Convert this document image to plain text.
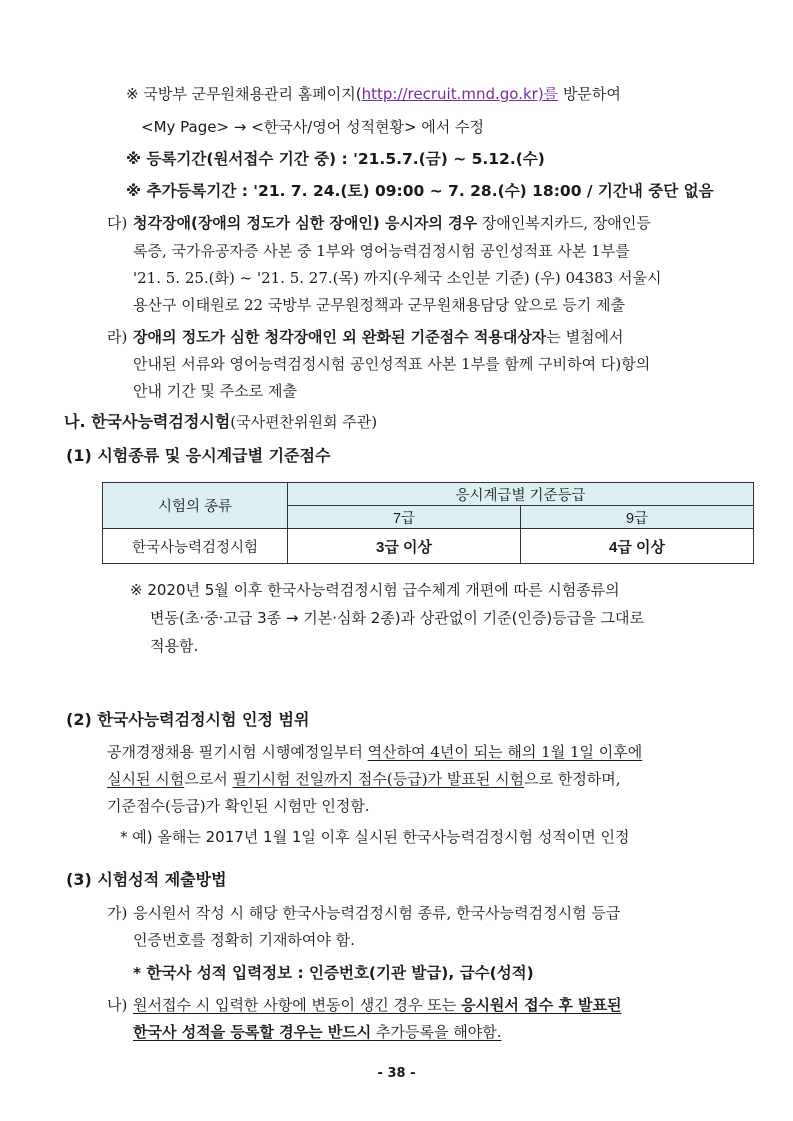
※ 국방부 군무원채용관리 홈페이지(http://recruit.mnd.go.kr)를 방문하여
<My Page> → <한국사/영어 성적현황> 에서 수정
※ 등록기간(원서접수 기간 중) : '21.5.7.(금) ~ 5.12.(수)
※ 추가등록기간 : '21. 7. 24.(토) 09:00 ~ 7. 28.(수) 18:00 / 기간내 중단 없음
다) 청각장애(장애의 정도가 심한 장애인) 응시자의 경우 장애인복지카드, 장애인등
록증, 국가유공자증 사본 중 1부와 영어능력검정시험 공인성적표 사본 1부를
'21. 5. 25.(화) ~ '21. 5. 27.(목) 까지(우체국 소인분 기준) (우) 04383 서울시
용산구 이태원로 22 국방부 군무원정책과 군무원채용담당 앞으로 등기 제출
라) 장애의 정도가 심한 청각장애인 외 완화된 기준점수 적용대상자는 별첨에서
안내된 서류와 영어능력검정시험 공인성적표 사본 1부를 함께 구비하여 다)항의
안내 기간 및 주소로 제출
나. 한국사능력검정시험(국사편찬위원회 주관)
(1) 시험종류 및 응시계급별 기준점수
시험의 종류	응시계급별 기준등급	
	7급	9급
한국사능력검정시험	3급 이상	4급 이상
※ 2020년 5월 이후 한국사능력검정시험 급수체계 개편에 따른 시험종류의
변동(초·중·고급 3종 → 기본·심화 2종)과 상관없이 기준(인증)등급을 그대로
적용함.
(2) 한국사능력검정시험 인정 범위
공개경쟁채용 필기시험 시행예정일부터 역산하여 4년이 되는 해의 1월 1일 이후에
실시된 시험으로서 필기시험 전일까지 점수(등급)가 발표된 시험으로 한정하며,
기준점수(등급)가 확인된 시험만 인정함.
* 예) 올해는 2017년 1월 1일 이후 실시된 한국사능력검정시험 성적이면 인정
(3) 시험성적 제출방법
가) 응시원서 작성 시 해당 한국사능력검정시험 종류, 한국사능력검정시험 등급
인증번호를 정확히 기재하여야 함.
* 한국사 성적 입력정보 : 인증번호(기관 발급), 급수(성적)
나) 원서접수 시 입력한 사항에 변동이 생긴 경우 또는 응시원서 접수 후 발표된
한국사 성적을 등록할 경우는 반드시 추가등록을 해야함.
- 38 -
